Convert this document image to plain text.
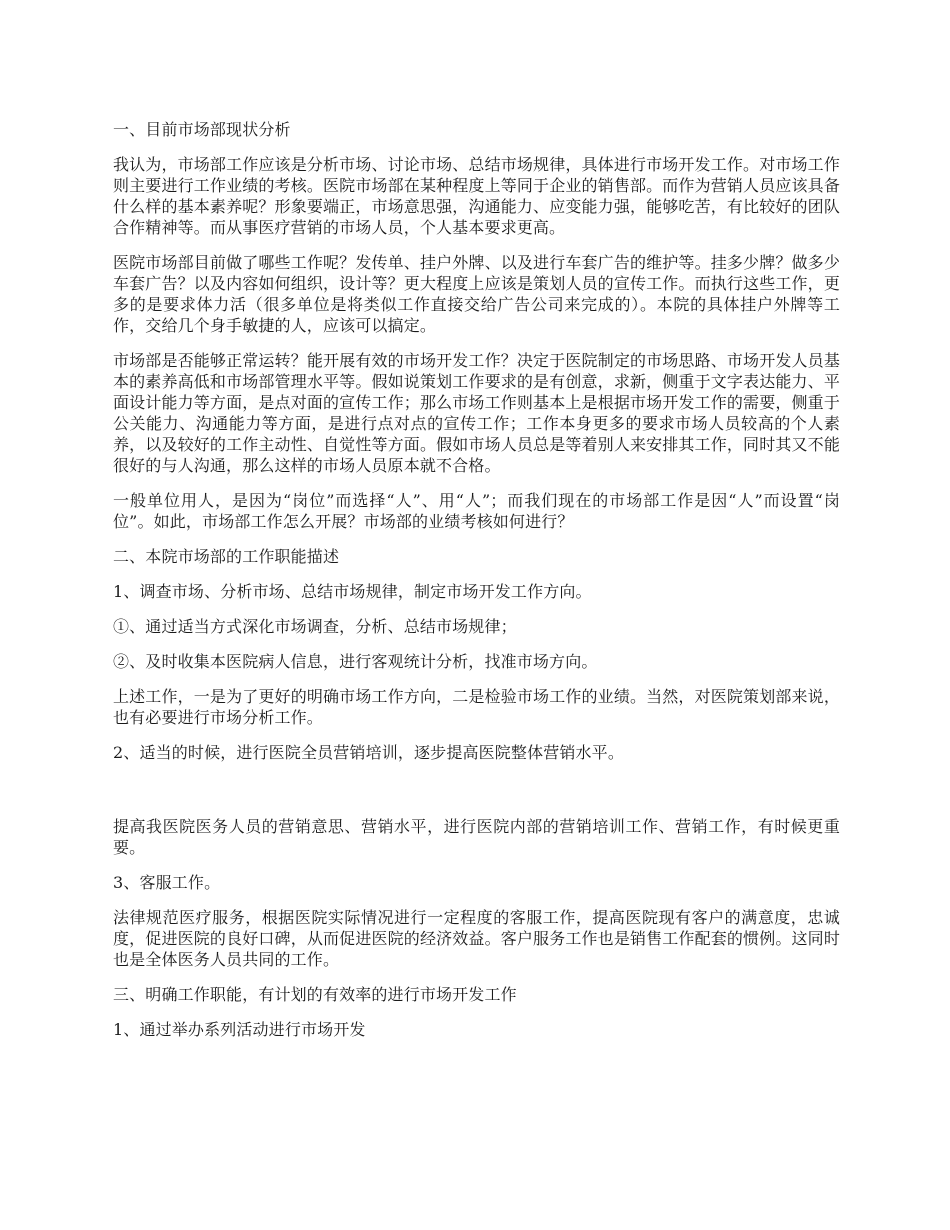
一、目前市场部现状分析

我认为，市场部工作应该是分析市场、讨论市场、总结市场规律，具体进行市场开发工作。对市场工作则主要进行工作业绩的考核。医院市场部在某种程度上等同于企业的销售部。而作为营销人员应该具备什么样的基本素养呢？形象要端正，市场意思强，沟通能力、应变能力强，能够吃苦，有比较好的团队合作精神等。而从事医疗营销的市场人员，个人基本要求更高。

医院市场部目前做了哪些工作呢？发传单、挂户外牌、以及进行车套广告的维护等。挂多少牌？做多少车套广告？以及内容如何组织，设计等？更大程度上应该是策划人员的宣传工作。而执行这些工作，更多的是要求体力活（很多单位是将类似工作直接交给广告公司来完成的）。本院的具体挂户外牌等工作，交给几个身手敏捷的人，应该可以搞定。

市场部是否能够正常运转？能开展有效的市场开发工作？决定于医院制定的市场思路、市场开发人员基本的素养高低和市场部管理水平等。假如说策划工作要求的是有创意，求新，侧重于文字表达能力、平面设计能力等方面，是点对面的宣传工作；那么市场工作则基本上是根据市场开发工作的需要，侧重于公关能力、沟通能力等方面，是进行点对点的宣传工作；工作本身更多的要求市场人员较高的个人素养，以及较好的工作主动性、自觉性等方面。假如市场人员总是等着别人来安排其工作，同时其又不能很好的与人沟通，那么这样的市场人员原本就不合格。

一般单位用人，是因为“岗位”而选择“人”、用“人”；而我们现在的市场部工作是因“人”而设置“岗位”。如此，市场部工作怎么开展？市场部的业绩考核如何进行？

二、本院市场部的工作职能描述

1、调查市场、分析市场、总结市场规律，制定市场开发工作方向。

①、通过适当方式深化市场调查，分析、总结市场规律；

②、及时收集本医院病人信息，进行客观统计分析，找准市场方向。

上述工作，一是为了更好的明确市场工作方向，二是检验市场工作的业绩。当然，对医院策划部来说，也有必要进行市场分析工作。

2、适当的时候，进行医院全员营销培训，逐步提高医院整体营销水平。

提高我医院医务人员的营销意思、营销水平，进行医院内部的营销培训工作、营销工作，有时候更重要。

3、客服工作。

法律规范医疗服务，根据医院实际情况进行一定程度的客服工作，提高医院现有客户的满意度，忠诚度，促进医院的良好口碑，从而促进医院的经济效益。客户服务工作也是销售工作配套的惯例。这同时也是全体医务人员共同的工作。

三、明确工作职能，有计划的有效率的进行市场开发工作

1、通过举办系列活动进行市场开发
